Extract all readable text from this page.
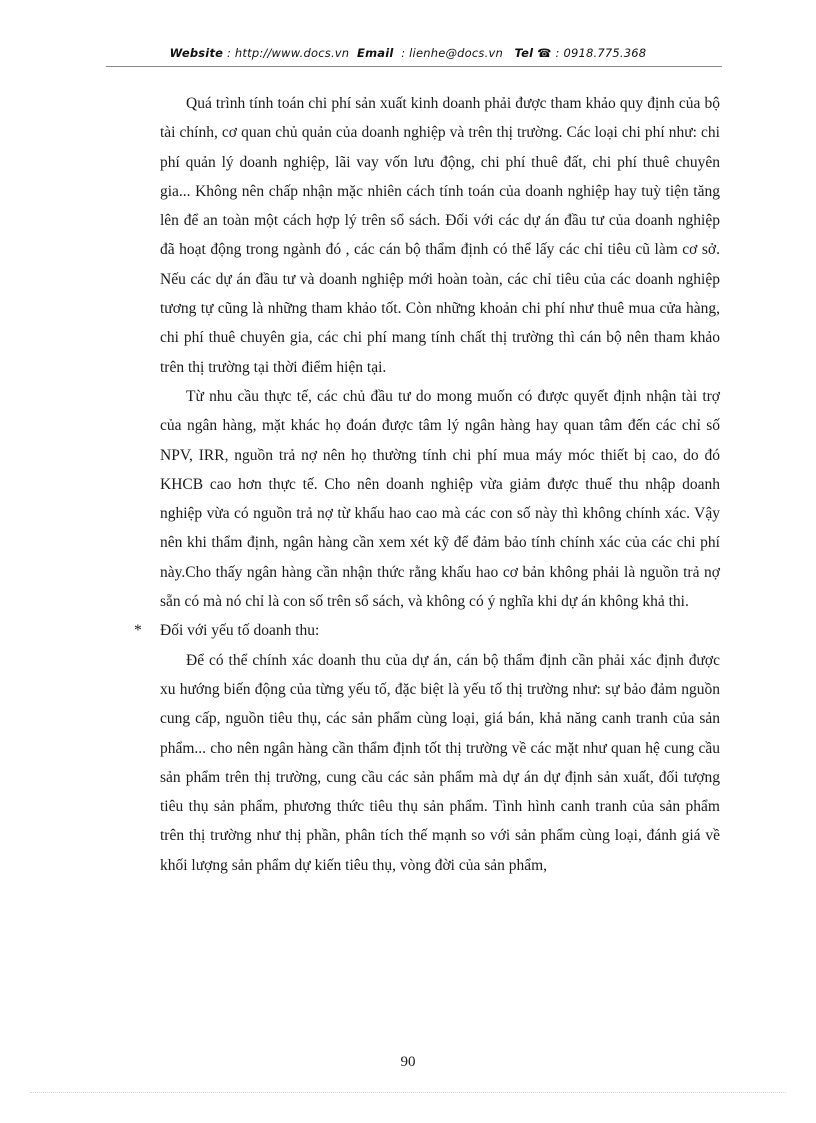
Website : http://www.docs.vn Email : lienhe@docs.vn Tel ☎ : 0918.775.368

Quá trình tính toán chi phí sản xuất kinh doanh phải được tham khảo quy định của bộ tài chính, cơ quan chủ quản của doanh nghiệp và trên thị trường. Các loại chi phí như: chi phí quản lý doanh nghiệp, lãi vay vốn lưu động, chi phí thuê đất, chi phí thuê chuyên gia... Không nên chấp nhận mặc nhiên cách tính toán của doanh nghiệp hay tuỳ tiện tăng lên để an toàn một cách hợp lý trên sổ sách. Đối với các dự án đầu tư của doanh nghiệp đã hoạt động trong ngành đó , các cán bộ thẩm định có thể lấy các chỉ tiêu cũ làm cơ sở. Nếu các dự án đầu tư và doanh nghiệp mới hoàn toàn, các chỉ tiêu của các doanh nghiệp tương tự cũng là những tham khảo tốt. Còn những khoản chi phí như thuê mua cửa hàng, chi phí thuê chuyên gia, các chi phí mang tính chất thị trường thì cán bộ nên tham khảo trên thị trường tại thời điểm hiện tại.

Từ nhu cầu thực tế, các chủ đầu tư do mong muốn có được quyết định nhận tài trợ của ngân hàng, mặt khác họ đoán được tâm lý ngân hàng hay quan tâm đến các chỉ số NPV, IRR, nguồn trả nợ nên họ thường tính chi phí mua máy móc thiết bị cao, do đó KHCB cao hơn thực tế. Cho nên doanh nghiệp vừa giảm được thuế thu nhập doanh nghiệp vừa có nguồn trả nợ từ khấu hao cao mà các con số này thì không chính xác. Vậy nên khi thẩm định, ngân hàng cần xem xét kỹ để đảm bảo tính chính xác của các chi phí này.Cho thấy ngân hàng cần nhận thức rằng khấu hao cơ bản không phải là nguồn trả nợ sẵn có mà nó chỉ là con số trên sổ sách, và không có ý nghĩa khi dự án không khả thi.

* Đối với yếu tố doanh thu:

Để có thể chính xác doanh thu của dự án, cán bộ thẩm định cần phải xác định được xu hướng biến động của từng yếu tố, đặc biệt là yếu tố thị trường như: sự bảo đảm nguồn cung cấp, nguồn tiêu thụ, các sản phẩm cùng loại, giá bán, khả năng canh tranh của sản phẩm... cho nên ngân hàng cần thẩm định tốt thị trường về các mặt như quan hệ cung cầu sản phẩm trên thị trường, cung cầu các sản phẩm mà dự án dự định sản xuất, đối tượng tiêu thụ sản phẩm, phương thức tiêu thụ sản phẩm. Tình hình canh tranh của sản phẩm trên thị trường như thị phần, phân tích thế mạnh so với sản phẩm cùng loại, đánh giá về khối lượng sản phẩm dự kiến tiêu thụ, vòng đời của sản phẩm,

90
